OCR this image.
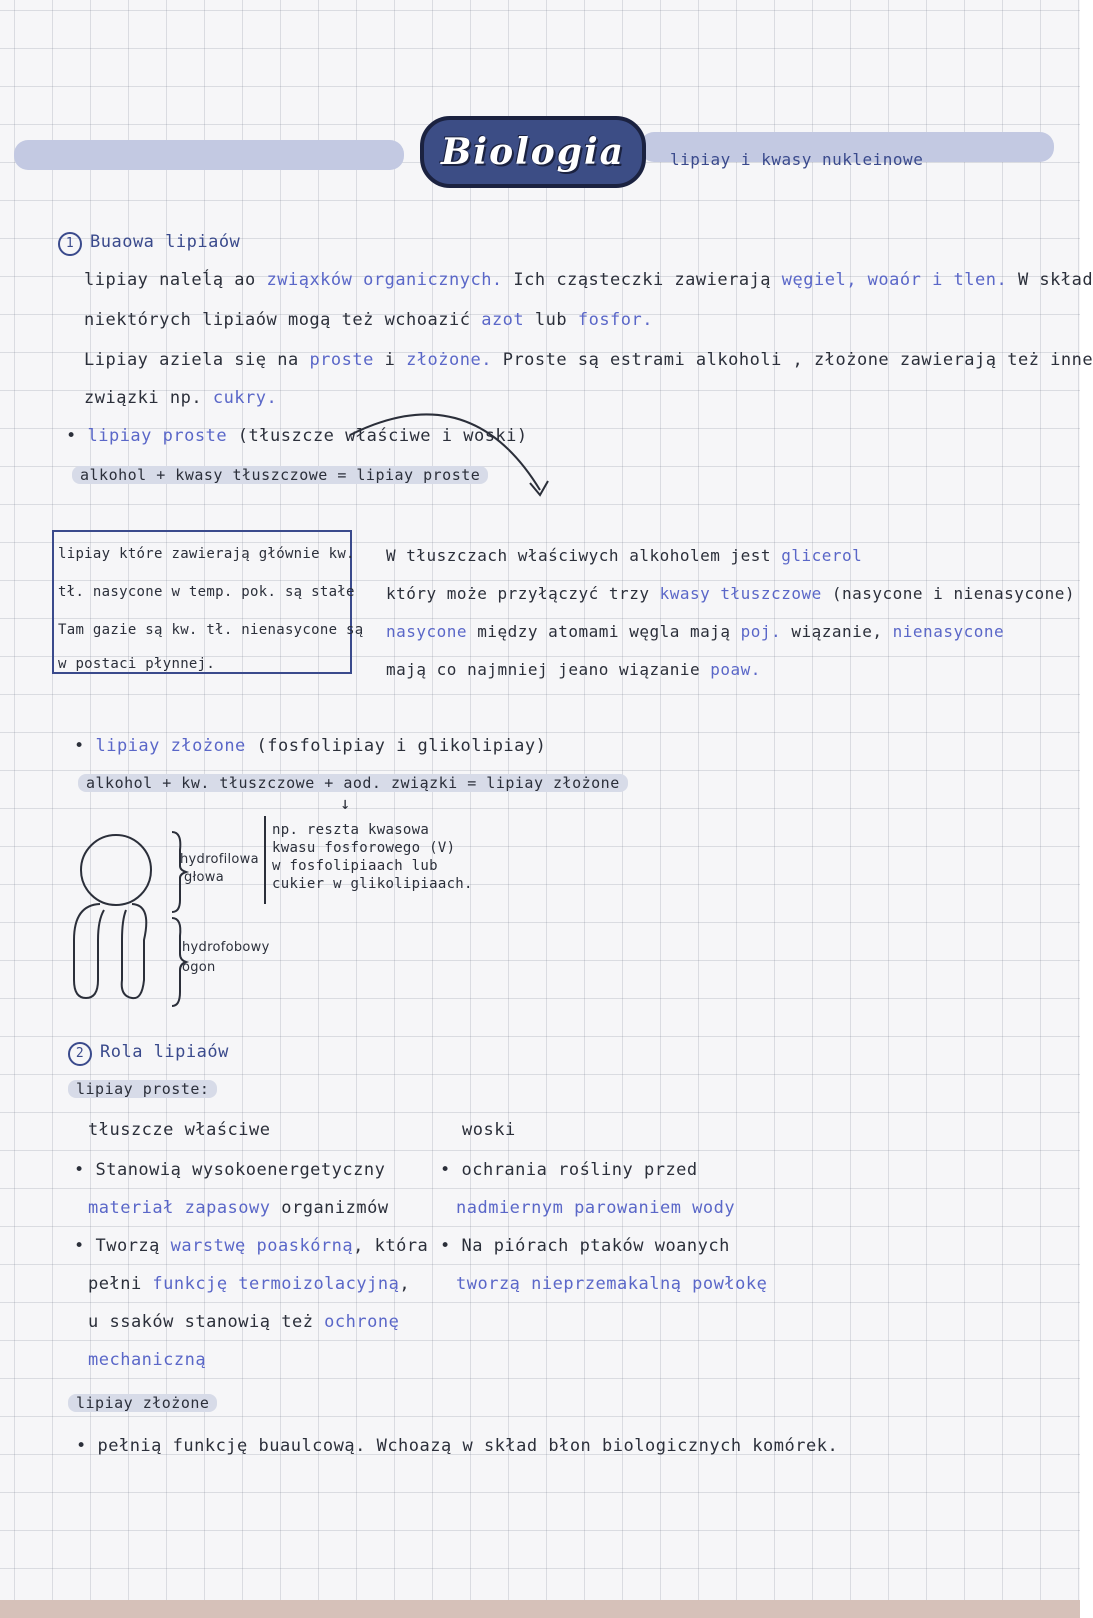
Biologia	lipiay i kwasy nukleinowe
1 Buaowa lipiaów
lipiay naleĺą ao zwiąxków organicznych. Ich cząsteczki zawierają węgiel, woaór i tlen. W skład
niektórych lipiaów mogą też wchoazić azot lub fosfor.
Lipiay aziela się na proste i złożone. Proste są estrami alkoholi , złożone zawierają też inne
związki np. cukry.
• lipiay proste (tłuszcze właściwe i woski)
alkohol + kwasy tłuszczowe = lipiay proste
lipiay które zawierają głównie kw.
tł. nasycone w temp. pok. są stałe
Tam gazie są kw. tł. nienasycone są
w postaci płynnej.
W tłuszczach właściwych alkoholem jest glicerol
który może przyłączyć trzy kwasy tłuszczowe (nasycone i nienasycone)
nasycone między atomami węgla mają poj. wiązanie, nienasycone
mają co najmniej jeano wiązanie poaw.
• lipiay złożone (fosfolipiay i glikolipiay)
alkohol + kw. tłuszczowe + aod. związki = lipiay złożone
↓
hydrofilowa
głowa
hydrofobowy
ogon
np. reszta kwasowa
kwasu fosforowego (V)
w fosfolipiaach lub
cukier w glikolipiaach.
2 Rola lipiaów
lipiay proste:
tłuszcze właściwe	woski
• Stanowią wysokoenergetyczny
materiał zapasowy organizmów
• Tworzą warstwę poaskórną, która
pełni funkcję termoizolacyjną,
u ssaków stanowią też ochronę
mechaniczną
• ochrania rośliny przed
nadmiernym parowaniem wody
• Na piórach ptaków woanych
tworzą nieprzemakalną powłokę
lipiay złożone
• pełnią funkcję buaulcową. Wchoazą w skład błon biologicznych komórek.
